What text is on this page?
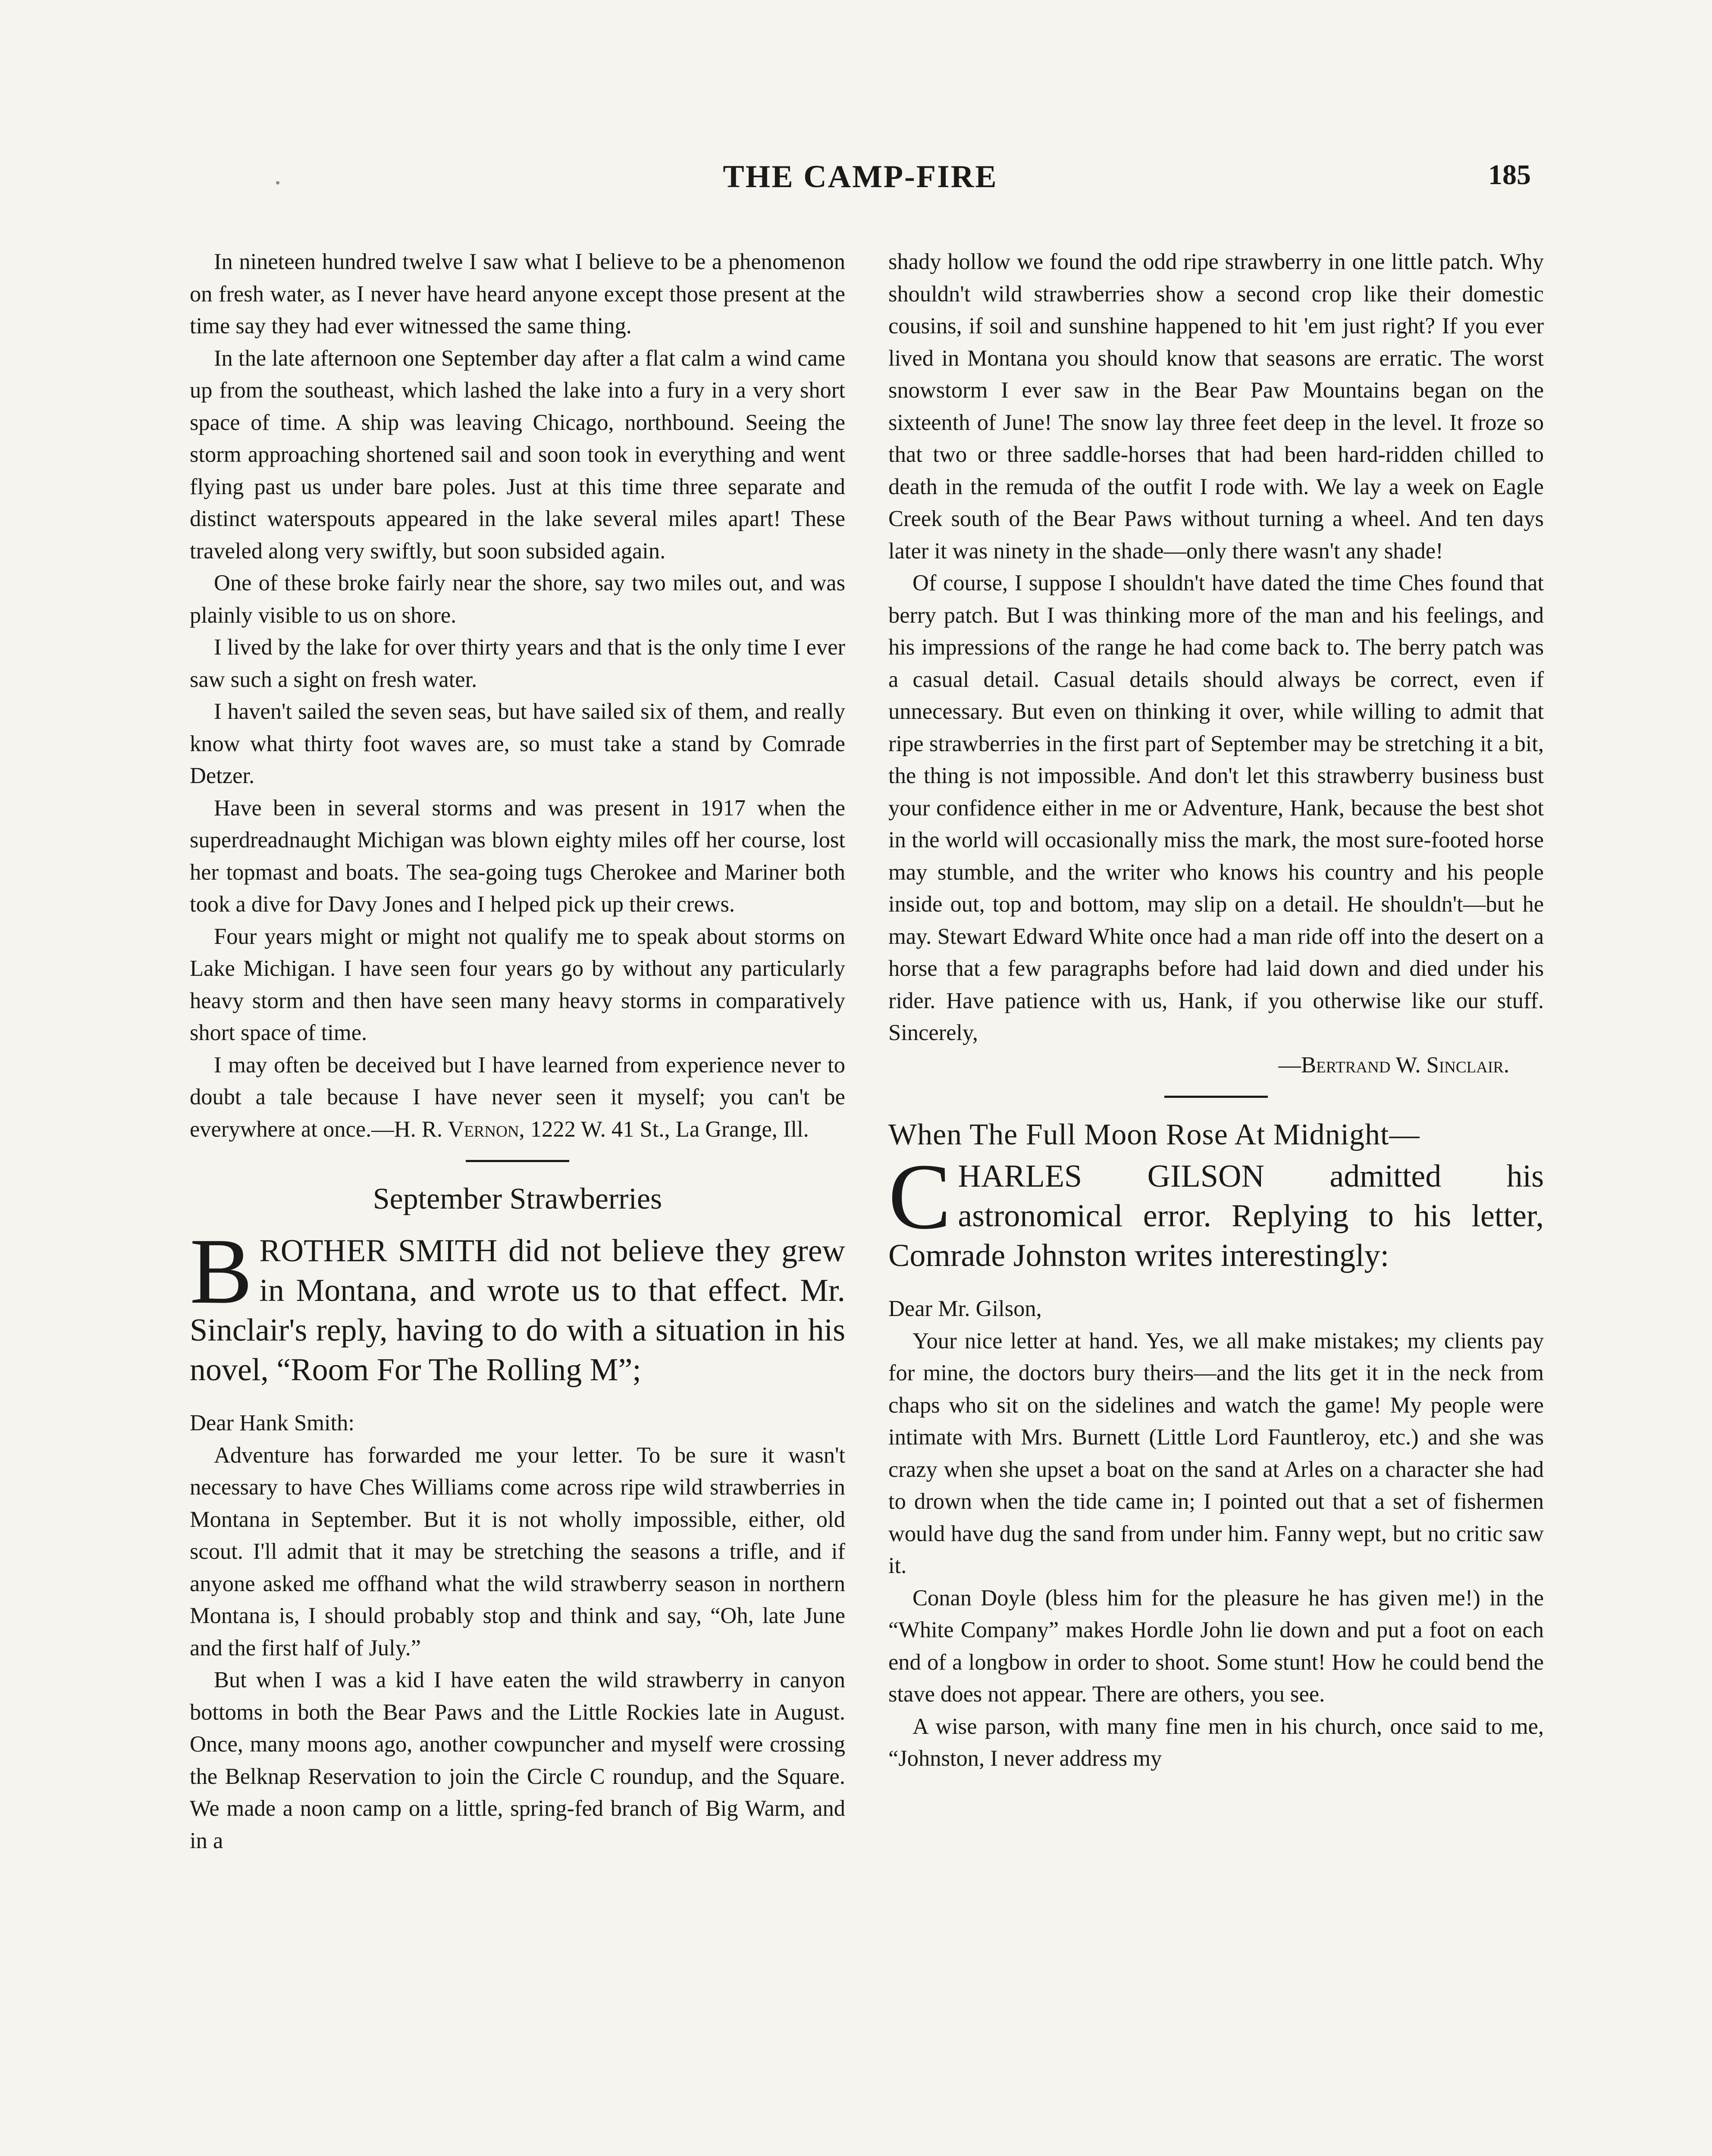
THE CAMP-FIRE	185

In nineteen hundred twelve I saw what I believe to be a phenomenon on fresh water, as I never have heard anyone except those present at the time say they had ever witnessed the same thing.

In the late afternoon one September day after a flat calm a wind came up from the southeast, which lashed the lake into a fury in a very short space of time. A ship was leaving Chicago, northbound. Seeing the storm approaching shortened sail and soon took in everything and went flying past us under bare poles. Just at this time three separate and distinct waterspouts appeared in the lake several miles apart! These traveled along very swiftly, but soon subsided again.

One of these broke fairly near the shore, say two miles out, and was plainly visible to us on shore.

I lived by the lake for over thirty years and that is the only time I ever saw such a sight on fresh water.

I haven't sailed the seven seas, but have sailed six of them, and really know what thirty foot waves are, so must take a stand by Comrade Detzer.

Have been in several storms and was present in 1917 when the superdreadnaught Michigan was blown eighty miles off her course, lost her topmast and boats. The sea-going tugs Cherokee and Mariner both took a dive for Davy Jones and I helped pick up their crews.

Four years might or might not qualify me to speak about storms on Lake Michigan. I have seen four years go by without any particularly heavy storm and then have seen many heavy storms in comparatively short space of time.

I may often be deceived but I have learned from experience never to doubt a tale because I have never seen it myself; you can't be everywhere at once.—H. R. Vernon, 1222 W. 41 St., La Grange, Ill.

September Strawberries
BROTHER SMITH did not believe they grew in Montana, and wrote us to that effect. Mr. Sinclair's reply, having to do with a situation in his novel, “Room For The Rolling M”;

Dear Hank Smith:

Adventure has forwarded me your letter. To be sure it wasn't necessary to have Ches Williams come across ripe wild strawberries in Montana in September. But it is not wholly impossible, either, old scout. I'll admit that it may be stretching the seasons a trifle, and if anyone asked me offhand what the wild strawberry season in northern Montana is, I should probably stop and think and say, “Oh, late June and the first half of July.”

But when I was a kid I have eaten the wild strawberry in canyon bottoms in both the Bear Paws and the Little Rockies late in August. Once, many moons ago, another cowpuncher and myself were crossing the Belknap Reservation to join the Circle C roundup, and the Square. We made a noon camp on a little, spring-fed branch of Big Warm, and in a

shady hollow we found the odd ripe strawberry in one little patch. Why shouldn't wild strawberries show a second crop like their domestic cousins, if soil and sunshine happened to hit 'em just right? If you ever lived in Montana you should know that seasons are erratic. The worst snowstorm I ever saw in the Bear Paw Mountains began on the sixteenth of June! The snow lay three feet deep in the level. It froze so that two or three saddle-horses that had been hard-ridden chilled to death in the remuda of the outfit I rode with. We lay a week on Eagle Creek south of the Bear Paws without turning a wheel. And ten days later it was ninety in the shade—only there wasn't any shade!

Of course, I suppose I shouldn't have dated the time Ches found that berry patch. But I was thinking more of the man and his feelings, and his impressions of the range he had come back to. The berry patch was a casual detail. Casual details should always be correct, even if unnecessary. But even on thinking it over, while willing to admit that ripe strawberries in the first part of September may be stretching it a bit, the thing is not impossible. And don't let this strawberry business bust your confidence either in me or Adventure, Hank, because the best shot in the world will occasionally miss the mark, the most sure-footed horse may stumble, and the writer who knows his country and his people inside out, top and bottom, may slip on a detail. He shouldn't—but he may. Stewart Edward White once had a man ride off into the desert on a horse that a few paragraphs before had laid down and died under his rider. Have patience with us, Hank, if you otherwise like our stuff. Sincerely,

—Bertrand W. Sinclair.

When The Full Moon Rose At Midnight—
CHARLES GILSON admitted his astronomical error. Replying to his letter, Comrade Johnston writes interestingly:

Dear Mr. Gilson,

Your nice letter at hand. Yes, we all make mistakes; my clients pay for mine, the doctors bury theirs—and the lits get it in the neck from chaps who sit on the sidelines and watch the game! My people were intimate with Mrs. Burnett (Little Lord Fauntleroy, etc.) and she was crazy when she upset a boat on the sand at Arles on a character she had to drown when the tide came in; I pointed out that a set of fishermen would have dug the sand from under him. Fanny wept, but no critic saw it.

Conan Doyle (bless him for the pleasure he has given me!) in the “White Company” makes Hordle John lie down and put a foot on each end of a longbow in order to shoot. Some stunt! How he could bend the stave does not appear. There are others, you see.

A wise parson, with many fine men in his church, once said to me, “Johnston, I never address my
